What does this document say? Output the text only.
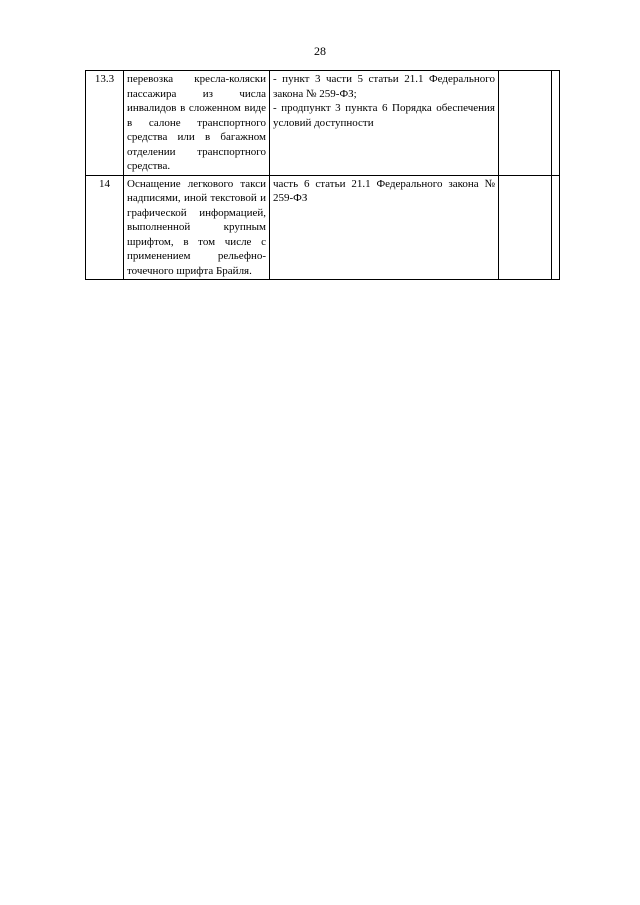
28
13.3	перевозка кресла-коляски пассажира из числа инвалидов в сложенном виде в салоне транспортного средства или в багажном отделении транспортного средства.	- пункт 3 части 5 статьи 21.1 Федерального закона № 259-ФЗ;
- продпункт 3 пункта 6 Порядка обеспечения условий доступности		

14	Оснащение легкового такси надписями, иной текстовой и графической информацией, выполненной крупным шрифтом, в том числе с применением рельефно-точечного шрифта Брайля.	часть 6 статьи 21.1 Федерального закона № 259-ФЗ		
